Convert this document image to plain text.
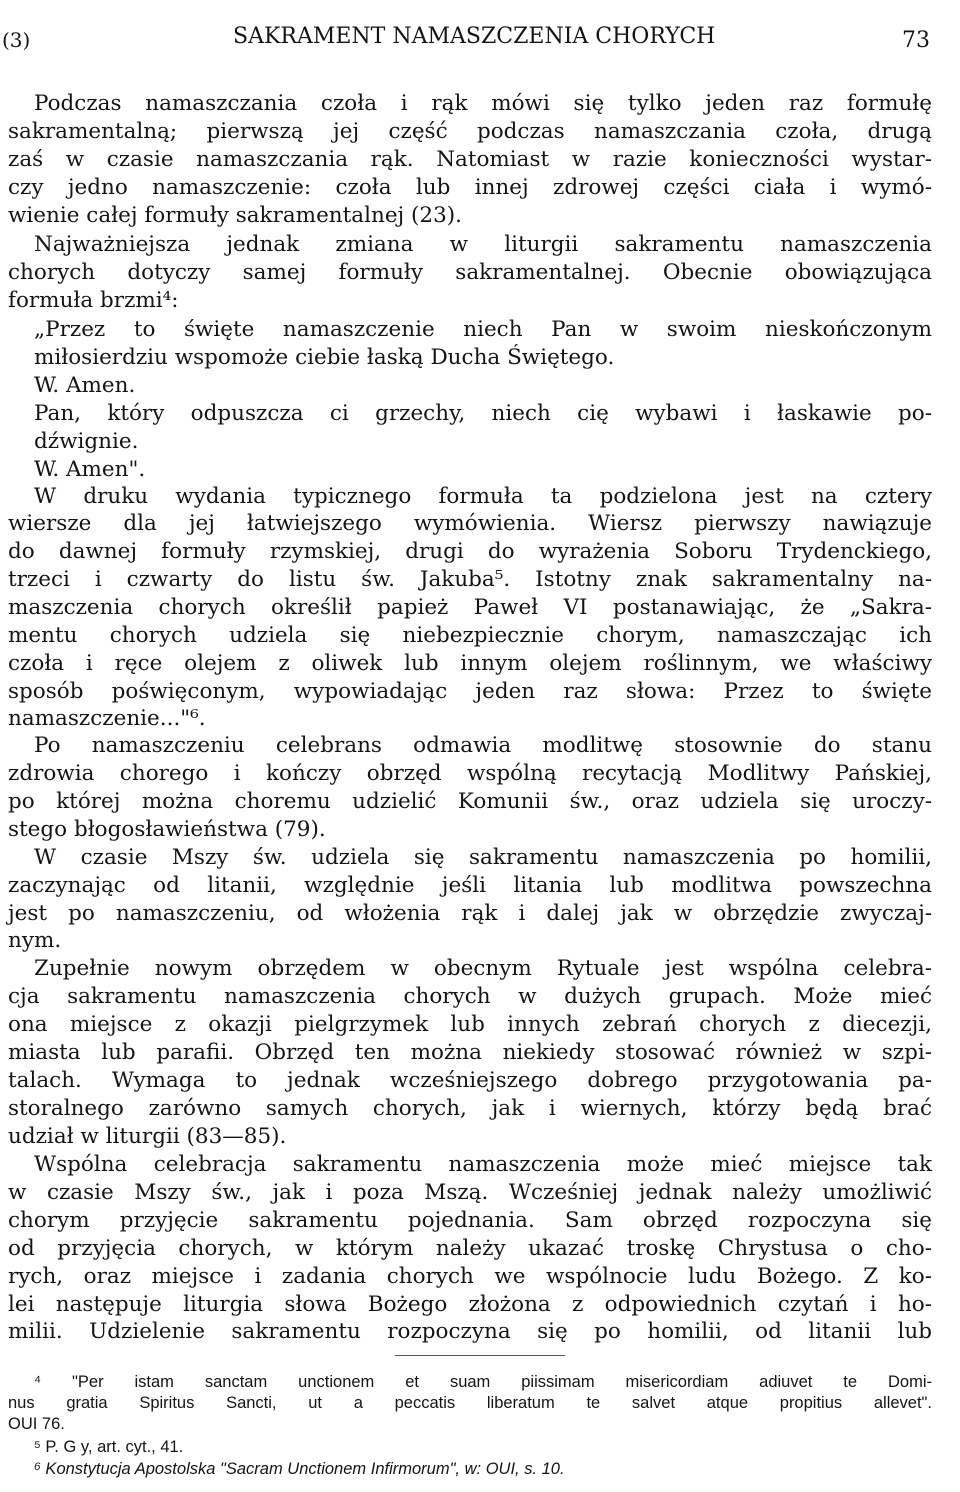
(3)	SAKRAMENT NAMASZCZENIA CHORYCH	73
Podczas namaszczania czoła i rąk mówi się tylko jeden raz formułę
sakramentalną; pierwszą jej część podczas namaszczania czoła, drugą
zaś w czasie namaszczania rąk. Natomiast w razie konieczności wystar-
czy jedno namaszczenie: czoła lub innej zdrowej części ciała i wymó-
wienie całej formuły sakramentalnej (23).
Najważniejsza jednak zmiana w liturgii sakramentu namaszczenia
chorych dotyczy samej formuły sakramentalnej. Obecnie obowiązująca
formuła brzmi⁴:
„Przez to święte namaszczenie niech Pan w swoim nieskończonym
miłosierdziu wspomoże ciebie łaską Ducha Świętego.
W. Amen.
Pan, który odpuszcza ci grzechy, niech cię wybawi i łaskawie po-
dźwignie.
W. Amen".
W druku wydania typicznego formuła ta podzielona jest na cztery
wiersze dla jej łatwiejszego wymówienia. Wiersz pierwszy nawiązuje
do dawnej formuły rzymskiej, drugi do wyrażenia Soboru Trydenckiego,
trzeci i czwarty do listu św. Jakuba⁵. Istotny znak sakramentalny na-
maszczenia chorych określił papież Paweł VI postanawiając, że „Sakra-
mentu chorych udziela się niebezpiecznie chorym, namaszczając ich
czoła i ręce olejem z oliwek lub innym olejem roślinnym, we właściwy
sposób poświęconym, wypowiadając jeden raz słowa: Przez to święte
namaszczenie..."⁶.
Po namaszczeniu celebrans odmawia modlitwę stosownie do stanu
zdrowia chorego i kończy obrzęd wspólną recytacją Modlitwy Pańskiej,
po której można choremu udzielić Komunii św., oraz udziela się uroczy-
stego błogosławieństwa (79).
W czasie Mszy św. udziela się sakramentu namaszczenia po homilii,
zaczynając od litanii, względnie jeśli litania lub modlitwa powszechna
jest po namaszczeniu, od włożenia rąk i dalej jak w obrzędzie zwyczaj-
nym.
Zupełnie nowym obrzędem w obecnym Rytuale jest wspólna celebra-
cja sakramentu namaszczenia chorych w dużych grupach. Może mieć
ona miejsce z okazji pielgrzymek lub innych zebrań chorych z diecezji,
miasta lub parafii. Obrzęd ten można niekiedy stosować również w szpi-
talach. Wymaga to jednak wcześniejszego dobrego przygotowania pa-
storalnego zarówno samych chorych, jak i wiernych, którzy będą brać
udział w liturgii (83—85).
Wspólna celebracja sakramentu namaszczenia może mieć miejsce tak
w czasie Mszy św., jak i poza Mszą. Wcześniej jednak należy umożliwić
chorym przyjęcie sakramentu pojednania. Sam obrzęd rozpoczyna się
od przyjęcia chorych, w którym należy ukazać troskę Chrystusa o cho-
rych, oraz miejsce i zadania chorych we wspólnocie ludu Bożego. Z ko-
lei następuje liturgia słowa Bożego złożona z odpowiednich czytań i ho-
milii. Udzielenie sakramentu rozpoczyna się po homilii, od litanii lub
⁴ "Per istam sanctam unctionem et suam piissimam misericordiam adiuvet te Domi-
nus gratia Spiritus Sancti, ut a peccatis liberatum te salvet atque propitius allevet".
OUI 76.
⁵ P. G y, art. cyt., 41.
⁶ Konstytucja Apostolska "Sacram Unctionem Infirmorum", w: OUI, s. 10.
